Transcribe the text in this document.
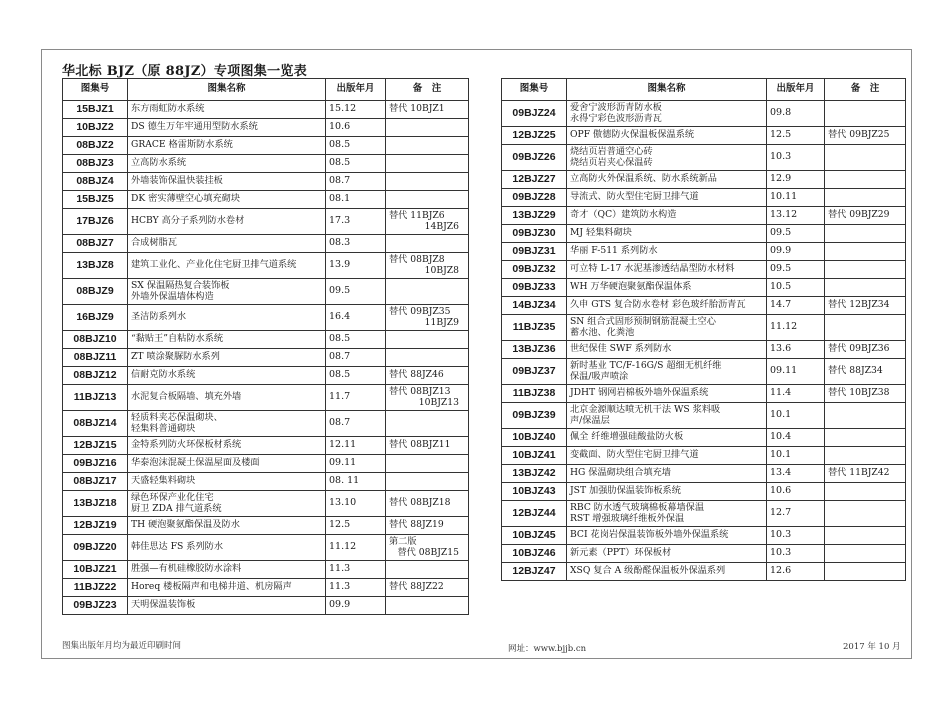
华北标 BJZ（原 88JZ）专项图集一览表
图集号	图集名称	出版年月	备　注
15BJZ1	东方雨虹防水系统	15.12	替代 10BJZ1

10BJZ2	DS 德生万年牢通用型防水系统	10.6	
08BJZ2	GRACE 格雷斯防水系统	08.5	
08BJZ3	立高防水系统	08.5	
08BJZ4	外墙装饰保温快装挂板	08.7	
15BJZ5	DK 密实薄壁空心填充砌块	08.1	
17BJZ6	HCBY 高分子系列防水卷材	17.3	替代 11BJZ6
14BJZ6

08BJZ7	合成树脂瓦	08.3	
13BJZ8	建筑工业化、产业化住宅厨卫排气道系统	13.9	替代 08BJZ8
10BJZ8

08BJZ9	SX 保温隔热复合装饰板
外墙外保温墙体构造	09.5	
16BJZ9	圣洁防系列水	16.4	替代 09BJZ35
11BJZ9

08BJZ10	“黏贴王”自粘防水系统	08.5	
08BJZ11	ZT 喷涂聚脲防水系列	08.7	
08BJZ12	信耐克防水系统	08.5	替代 88JZ46

11BJZ13	水泥复合板隔墙、填充外墙	11.7	替代 08BJZ13
10BJZ13

08BJZ14	轻质料夹芯保温砌块、
轻集料普通砌块	08.7	
12BJZ15	金特系列防火环保板材系统	12.11	替代 08BJZ11

09BJZ16	华泰泡沫混凝土保温屋面及楼面	09.11	
08BJZ17	天盛轻集料砌块	08. 11	
13BJZ18	绿色环保产业化住宅
厨卫 ZDA 排气道系统	13.10	替代 08BJZ18

12BJZ19	TH 硬泡聚氨酯保温及防水	12.5	替代 88JZ19

09BJZ20	韩佳思达 FS 系列防水	11.12	第二版
替代 08BJZ15

10BJZ21	胜强—有机硅橡胶防水涂料	11.3	
11BJZ22	Horeq 楼板隔声和电梯井道、机房隔声	11.3	替代 88JZ22

09BJZ23	天明保温装饰板	09.9	
图集号	图集名称	出版年月	备　注
09BJZ24	爱舍宁波形沥青防水板
永得宁彩色波形沥青瓦	09.8	
12BJZ25	OPF 傲德防火保温板保温系统	12.5	替代 09BJZ25

09BJZ26	烧结页岩普通空心砖
烧结页岩夹心保温砖	10.3	
12BJZ27	立高防火外保温系统、防水系统新品	12.9	
09BJZ28	导流式、防火型住宅厨卫排气道	10.11	
13BJZ29	奇才（QC）建筑防水构造	13.12	替代 09BJZ29

09BJZ30	MJ 轻集料砌块	09.5	
09BJZ31	华丽 F-511 系列防水	09.9	
09BJZ32	可立特 L-17 水泥基渗透结晶型防水材料	09.5	
09BJZ33	WH 万华硬泡聚氨酯保温体系	10.5	
14BJZ34	久申 GTS 复合防水卷材 彩色玻纤胎沥青瓦	14.7	替代 12BJZ34

11BJZ35	SN 组合式固形预制钢筋混凝土空心
蓄水池、化粪池	11.12	
13BJZ36	世纪保佳 SWF 系列防水	13.6	替代 09BJZ36

09BJZ37	新时基业 TC/F-16G/S 超细无机纤维
保温/吸声喷涂	09.11	替代 88JZ34

11BJZ38	JDHT 钢网岩棉板外墙外保温系统	11.4	替代 10BJZ38

09BJZ39	北京金源顺达喷无机干法 WS 浆料吸
声/保温层	10.1	
10BJZ40	佩全 纤维增强硅酸盐防火板	10.4	
10BJZ41	变截面、防火型住宅厨卫排气道	10.1	
13BJZ42	HG 保温砌块组合填充墙	13.4	替代 11BJZ42

10BJZ43	JST 加强肋保温装饰板系统	10.6	
12BJZ44	RBC 防水透气玻璃棉板幕墙保温
RST 增强玻璃纤维板外保温	12.7	
10BJZ45	BCI 花岗岩保温装饰板外墙外保温系统	10.3	
10BJZ46	新元素（PPT）环保板材	10.3	
12BJZ47	XSQ 复合 A 级酚醛保温板外保温系列	12.6	
图集出版年月均为最近印刷时间	网址：www.bjjb.cn	2017 年 10 月
